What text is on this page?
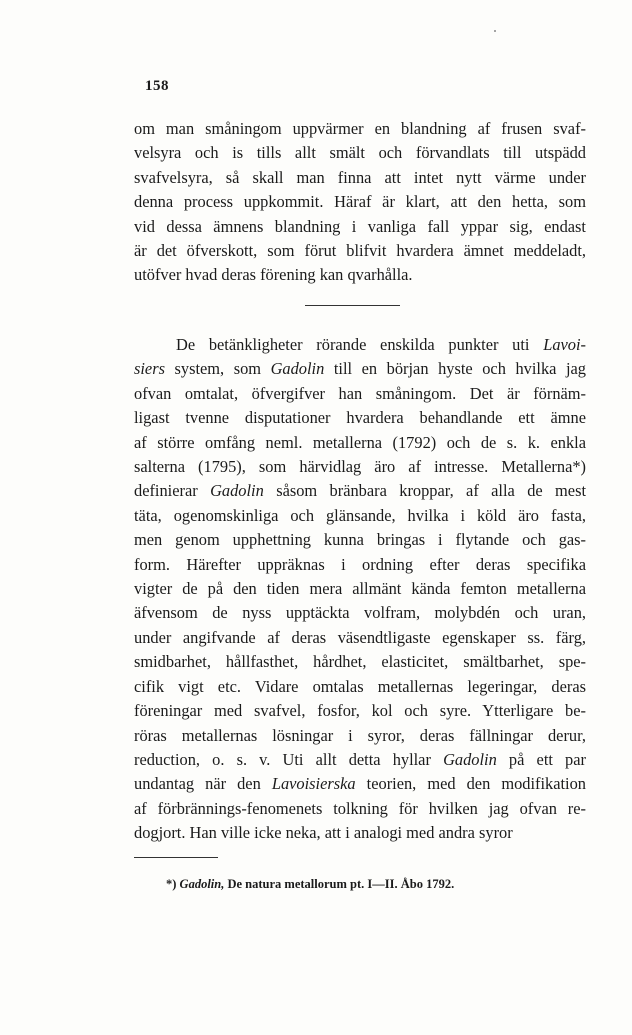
158
om man småningom uppvärmer en blandning af frusen svaf-
velsyra och is tills allt smält och förvandlats till utspädd
svafvelsyra, så skall man finna att intet nytt värme under
denna process uppkommit. Häraf är klart, att den hetta, som
vid dessa ämnens blandning i vanliga fall yppar sig, endast
är det öfverskott, som förut blifvit hvardera ämnet meddeladt,
utöfver hvad deras förening kan qvarhålla.
De betänkligheter rörande enskilda punkter uti Lavoi-
siers system, som Gadolin till en början hyste och hvilka jag
ofvan omtalat, öfvergifver han småningom. Det är förnäm-
ligast tvenne disputationer hvardera behandlande ett ämne
af större omfång neml. metallerna (1792) och de s. k. enkla
salterna (1795), som härvidlag äro af intresse. Metallerna*)
definierar Gadolin såsom bränbara kroppar, af alla de mest
täta, ogenomskinliga och glänsande, hvilka i köld äro fasta,
men genom upphettning kunna bringas i flytande och gas-
form. Härefter uppräknas i ordning efter deras specifika
vigter de på den tiden mera allmänt kända femton metallerna
äfvensom de nyss upptäckta volfram, molybdén och uran,
under angifvande af deras väsendtligaste egenskaper ss. färg,
smidbarhet, hållfasthet, hårdhet, elasticitet, smältbarhet, spe-
cifik vigt etc. Vidare omtalas metallernas legeringar, deras
föreningar med svafvel, fosfor, kol och syre. Ytterligare be-
röras metallernas lösningar i syror, deras fällningar derur,
reduction, o. s. v. Uti allt detta hyllar Gadolin på ett par
undantag när den Lavoisierska teorien, med den modifikation
af förbrännings-fenomenets tolkning för hvilken jag ofvan re-
dogjort. Han ville icke neka, att i analogi med andra syror
*) Gadolin, De natura metallorum pt. I—II. Åbo 1792.
